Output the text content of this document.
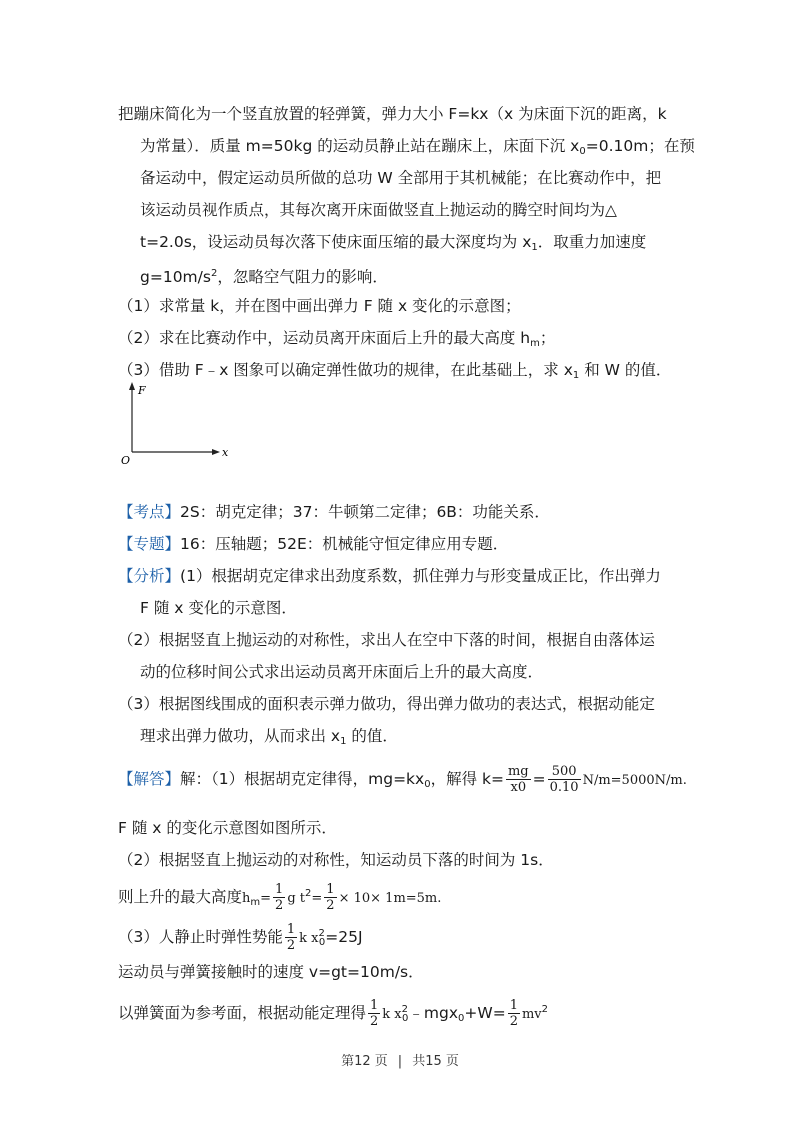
把蹦床简化为一个竖直放置的轻弹簧，弹力大小 F=kx（x 为床面下沉的距离，k
为常量）．质量 m=50kg 的运动员静止站在蹦床上，床面下沉 $x_0=0.10m$；在预
备运动中，假定运动员所做的总功 W 全部用于其机械能；在比赛动作中，把
该运动员视作质点，其每次离开床面做竖直上抛运动的腾空时间均为△
t=2.0s，设运动员每次落下使床面压缩的最大深度均为 $x_1$．取重力加速度
$g=10m/s^2$，忽略空气阻力的影响．
（1）求常量 k，并在图中画出弹力 F 随 x 变化的示意图；
（2）求在比赛动作中，运动员离开床面后上升的最大高度 $h_m$；
（3）借助 F﹣x 图象可以确定弹性做功的规律，在此基础上，求 $x_1$ 和 W 的值．
F
x
O
【考点】2S：胡克定律；37：牛顿第二定律；6B：功能关系．
【专题】16：压轴题；52E：机械能守恒定律应用专题．
【分析】(1）根据胡克定律求出劲度系数，抓住弹力与形变量成正比，作出弹力
F 随 x 变化的示意图．
（2）根据竖直上抛运动的对称性，求出人在空中下落的时间，根据自由落体运
动的位移时间公式求出运动员离开床面后上升的最大高度．
（3）根据图线围成的面积表示弹力做功，得出弹力做功的表达式，根据动能定
理求出弹力做功，从而求出 $x_1$ 的值．
【解答】解：（1）根据胡克定律得，$mg=kx_0$，解得 $k= \frac{mg}{x0} = \frac{500}{0.10} N/m=5000N/m$.
F 随 x 的变化示意图如图所示．
（2）根据竖直上抛运动的对称性，知运动员下落的时间为 1s．
则上升的最大高度$h_m= \frac{1}{2}$ g $t^2= \frac{1}{2} \times 10\times 1m=5m$.
（3）人静止时弹性势能 $\frac{1}{2}$ k $x^2_0=25J$
运动员与弹簧接触时的速度 v=gt=10m/s．
以弹簧面为参考面，根据动能定理得 $\frac{1}{2}$ k $x^2_0﹣mgx_0+W= \frac{1}{2} mv^2$
第12 页 | 共15 页
